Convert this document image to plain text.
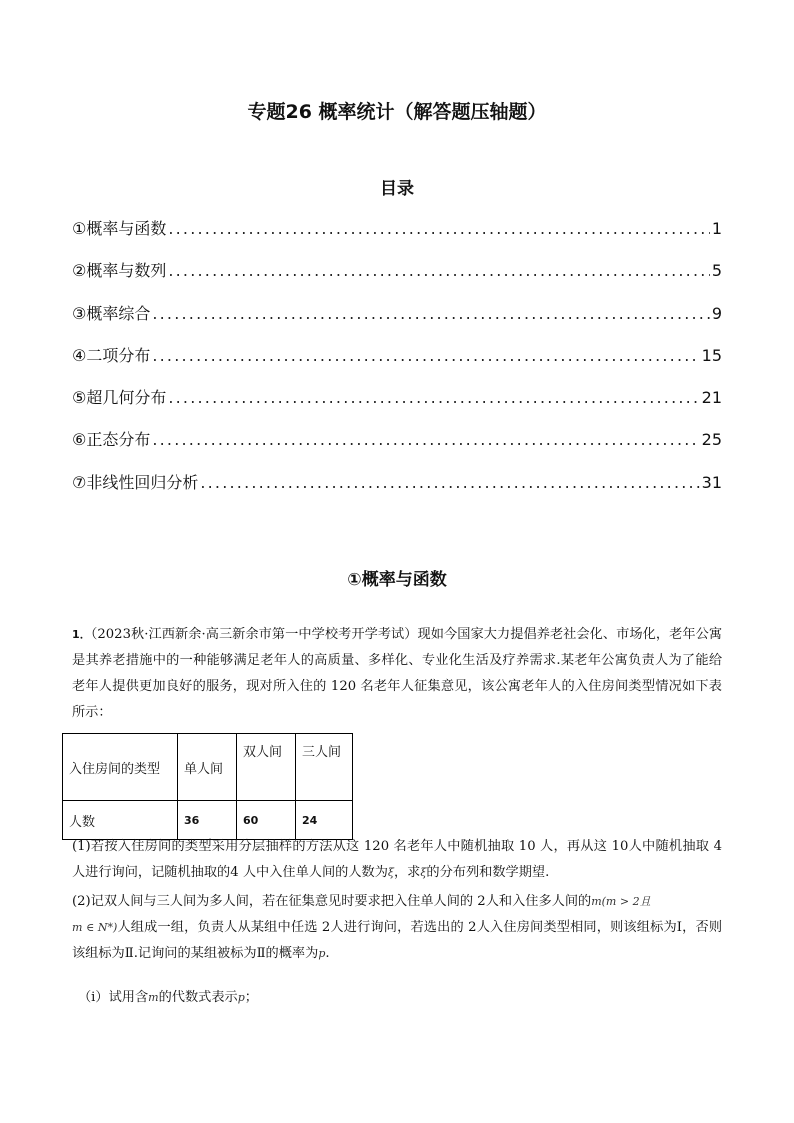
专题26 概率统计（解答题压轴题）
目录
①概率与函数 .....	1
②概率与数列 .....	5
③概率综合 .....	9
④二项分布 .....	15
⑤超几何分布 .....	21
⑥正态分布 .....	25
⑦非线性回归分析 .....	31
①概率与函数
1．（2023秋·江西新余·高三新余市第一中学校考开学考试）现如今国家大力提倡养老社会化、市场化，老年公寓是其养老措施中的一种能够满足老年人的高质量、多样化、专业化生活及疗养需求.某老年公寓负责人为了能给老年人提供更加良好的服务，现对所入住的 120 名老年人征集意见，该公寓老年人的入住房间类型情况如下表所示：
入住房间的类型	单人间	双人间	三人间
人数	36	60	24
(1)若按入住房间的类型采用分层抽样的方法从这 120 名老年人中随机抽取 10 人，再从这 10人中随机抽取 4 人进行询问，记随机抽取的4 人中入住单人间的人数为ξ，求ξ的分布列和数学期望.
(2)记双人间与三人间为多人间，若在征集意见时要求把入住单人间的 2人和入住多人间的m(m > 2且
m ∈ N*)人组成一组，负责人从某组中任选 2人进行询问，若选出的 2人入住房间类型相同，则该组标为Ⅰ，否则该组标为Ⅱ.记询问的某组被标为Ⅱ的概率为p.
（i）试用含m的代数式表示p；
